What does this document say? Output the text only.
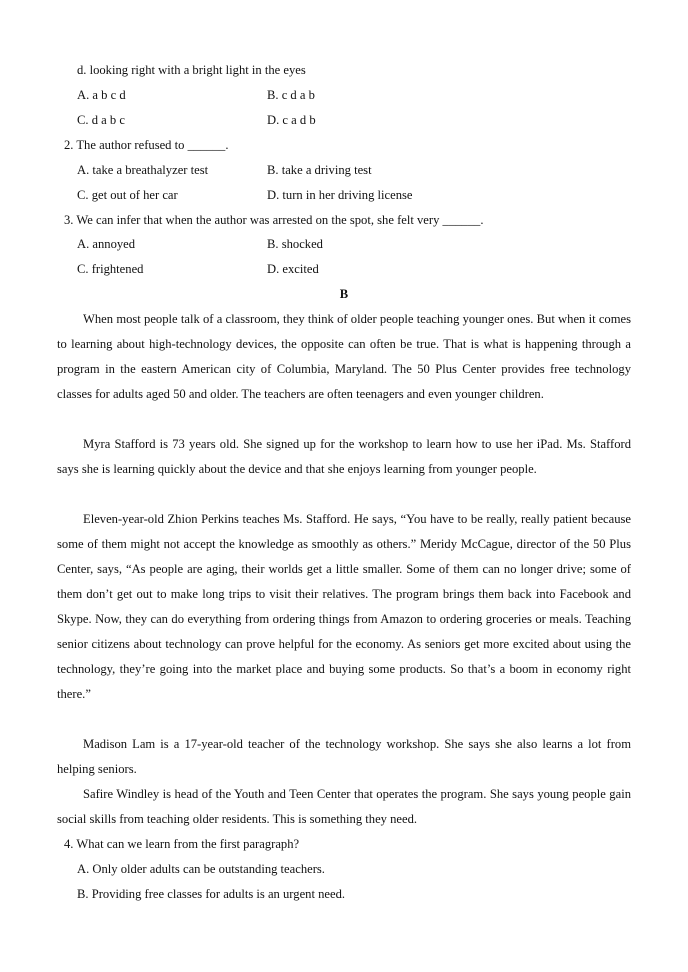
d. looking right with a bright light in the eyes
A. a b c d	B. c d a b
C. d a b c	D. c a d b
2. The author refused to ______.
A. take a breathalyzer test	B. take a driving test
C. get out of her car	D. turn in her driving license
3. We can infer that when the author was arrested on the spot, she felt very ______.
A. annoyed	B. shocked
C. frightened	D. excited
B

When most people talk of a classroom, they think of older people teaching younger ones. But when it comes to learning about high-technology devices, the opposite can often be true. That is what is happening through a program in the eastern American city of Columbia, Maryland. The 50 Plus Center provides free technology classes for adults aged 50 and older. The teachers are often teenagers and even younger children.

Myra Stafford is 73 years old. She signed up for the workshop to learn how to use her iPad. Ms. Stafford says she is learning quickly about the device and that she enjoys learning from younger people.

Eleven-year-old Zhion Perkins teaches Ms. Stafford. He says, “You have to be really, really patient because some of them might not accept the knowledge as smoothly as others.” Meridy McCague, director of the 50 Plus Center, says, “As people are aging, their worlds get a little smaller. Some of them can no longer drive; some of them don’t get out to make long trips to visit their relatives. The program brings them back into Facebook and Skype. Now, they can do everything from ordering things from Amazon to ordering groceries or meals. Teaching senior citizens about technology can prove helpful for the economy. As seniors get more excited about using the technology, they’re going into the market place and buying some products. So that’s a boom in economy right there.”

Madison Lam is a 17-year-old teacher of the technology workshop. She says she also learns a lot from helping seniors.

Safire Windley is head of the Youth and Teen Center that operates the program. She says young people gain social skills from teaching older residents. This is something they need.

4. What can we learn from the first paragraph?
A. Only older adults can be outstanding teachers.
B. Providing free classes for adults is an urgent need.
